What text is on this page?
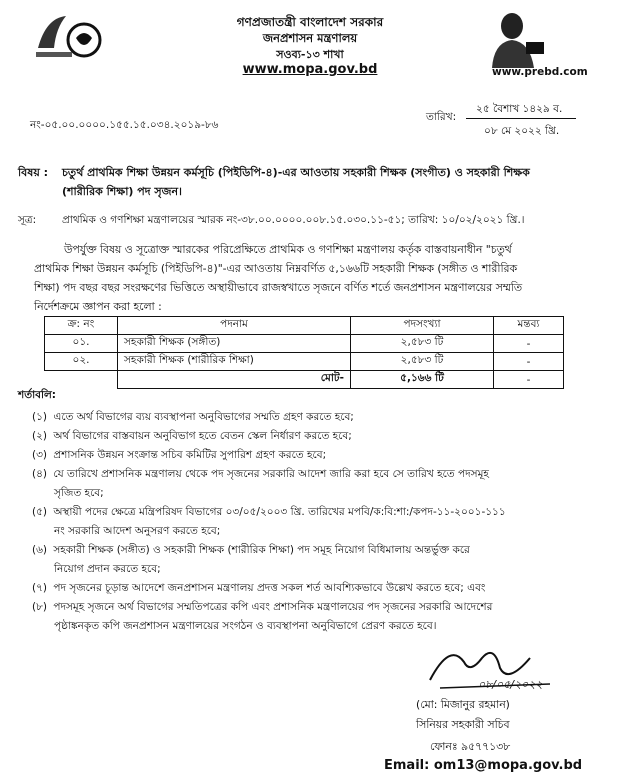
গণপ্রজাতন্ত্রী বাংলাদেশ সরকার
জনপ্রশাসন মন্ত্রণালয়
সওব্য-১৩ শাখা
www.mopa.gov.bd	www.prebd.com
২৫ বৈশাখ ১৪২৯ ব.
নং-০৫.০০.০০০০.১৫৫.১৫.০৩৪.২০১৯-৮৬
তারিখ:
০৮ মে ২০২২ খ্রি.
বিষয় : চতুর্থ প্রাথমিক শিক্ষা উন্নয়ন কর্মসূচি (পিইডিপি-৪)-এর আওতায় সহকারী শিক্ষক (সংগীত) ও সহকারী শিক্ষক
(শারীরিক শিক্ষা) পদ সৃজন।
সূত্র: প্রাথমিক ও গণশিক্ষা মন্ত্রণালয়ের স্মারক নং-৩৮.০০.০০০০.০০৮.১৫.০৩০.১১-৫১; তারিখ: ১০/০২/২০২১ খ্রি.।
উপর্যুক্ত বিষয় ও সূত্রোক্ত স্মারকের পরিপ্রেক্ষিতে প্রাথমিক ও গণশিক্ষা মন্ত্রণালয় কর্তৃক বাস্তবায়নাধীন "চতুর্থ
প্রাথমিক শিক্ষা উন্নয়ন কর্মসূচি (পিইডিপি-৪)"-এর আওতায় নিম্নবর্ণিত ৫,১৬৬টি সহকারী শিক্ষক (সঙ্গীত ও শারীরিক
শিক্ষা) পদ বছর বছর সংরক্ষণের ভিত্তিতে অস্থায়ীভাবে রাজস্বখাতে সৃজনে বর্ণিত শর্তে জনপ্রশাসন মন্ত্রণালয়ের সম্মতি
নির্দেশক্রমে জ্ঞাপন করা হলো :
ক্র: নং	পদনাম	পদসংখ্যা	মন্তব্য
০১.	সহকারী শিক্ষক (সঙ্গীত)	২,৫৮৩ টি	-
০২.	সহকারী শিক্ষক (শারীরিক শিক্ষা)	২,৫৮৩ টি	-
	মোট-	৫,১৬৬ টি	-
শর্তাবলি:
(১) এতে অর্থ বিভাগের ব্যয় ব্যবস্থাপনা অনুবিভাগের সম্মতি গ্রহণ করতে হবে;
(২) অর্থ বিভাগের বাস্তবায়ন অনুবিভাগ হতে বেতন স্কেল নির্ধারণ করতে হবে;
(৩) প্রশাসনিক উন্নয়ন সংক্রান্ত সচিব কমিটির সুপারিশ গ্রহণ করতে হবে;
(৪) যে তারিখে প্রশাসনিক মন্ত্রণালয় থেকে পদ সৃজনের সরকারি আদেশ জারি করা হবে সে তারিখ হতে পদসমূহ
সৃজিত হবে;
(৫) অস্থায়ী পদের ক্ষেত্রে মন্ত্রিপরিষদ বিভাগের ০৩/০৫/২০০৩ খ্রি. তারিখের মপবি/ক:বি:শা:/কপদ-১১-২০০১-১১১
নং সরকারি আদেশ অনুসরণ করতে হবে;
(৬) সহকারী শিক্ষক (সঙ্গীত) ও সহকারী শিক্ষক (শারীরিক শিক্ষা) পদ সমূহ নিয়োগ বিধিমালায় অন্তর্ভুক্ত করে
নিয়োগ প্রদান করতে হবে;
(৭) পদ সৃজনের চূড়ান্ত আদেশে জনপ্রশাসন মন্ত্রণালয় প্রদত্ত সকল শর্ত আবশ্যিকভাবে উল্লেখ করতে হবে; এবং
(৮) পদসমূহ সৃজনে অর্থ বিভাগের সম্মতিপত্রের কপি এবং প্রশাসনিক মন্ত্রণালয়ের পদ সৃজনের সরকারি আদেশের
পৃষ্ঠাঙ্কনকৃত কপি জনপ্রশাসন মন্ত্রণালয়ের সংগঠন ও ব্যবস্থাপনা অনুবিভাগে প্রেরণ করতে হবে।
০৮/০৫/২০২২
(মো: মিজানুর রহমান)
সিনিয়র সহকারী সচিব
ফোনঃ ৯৫৭৭১৩৮
Email: om13@mopa.gov.bd
